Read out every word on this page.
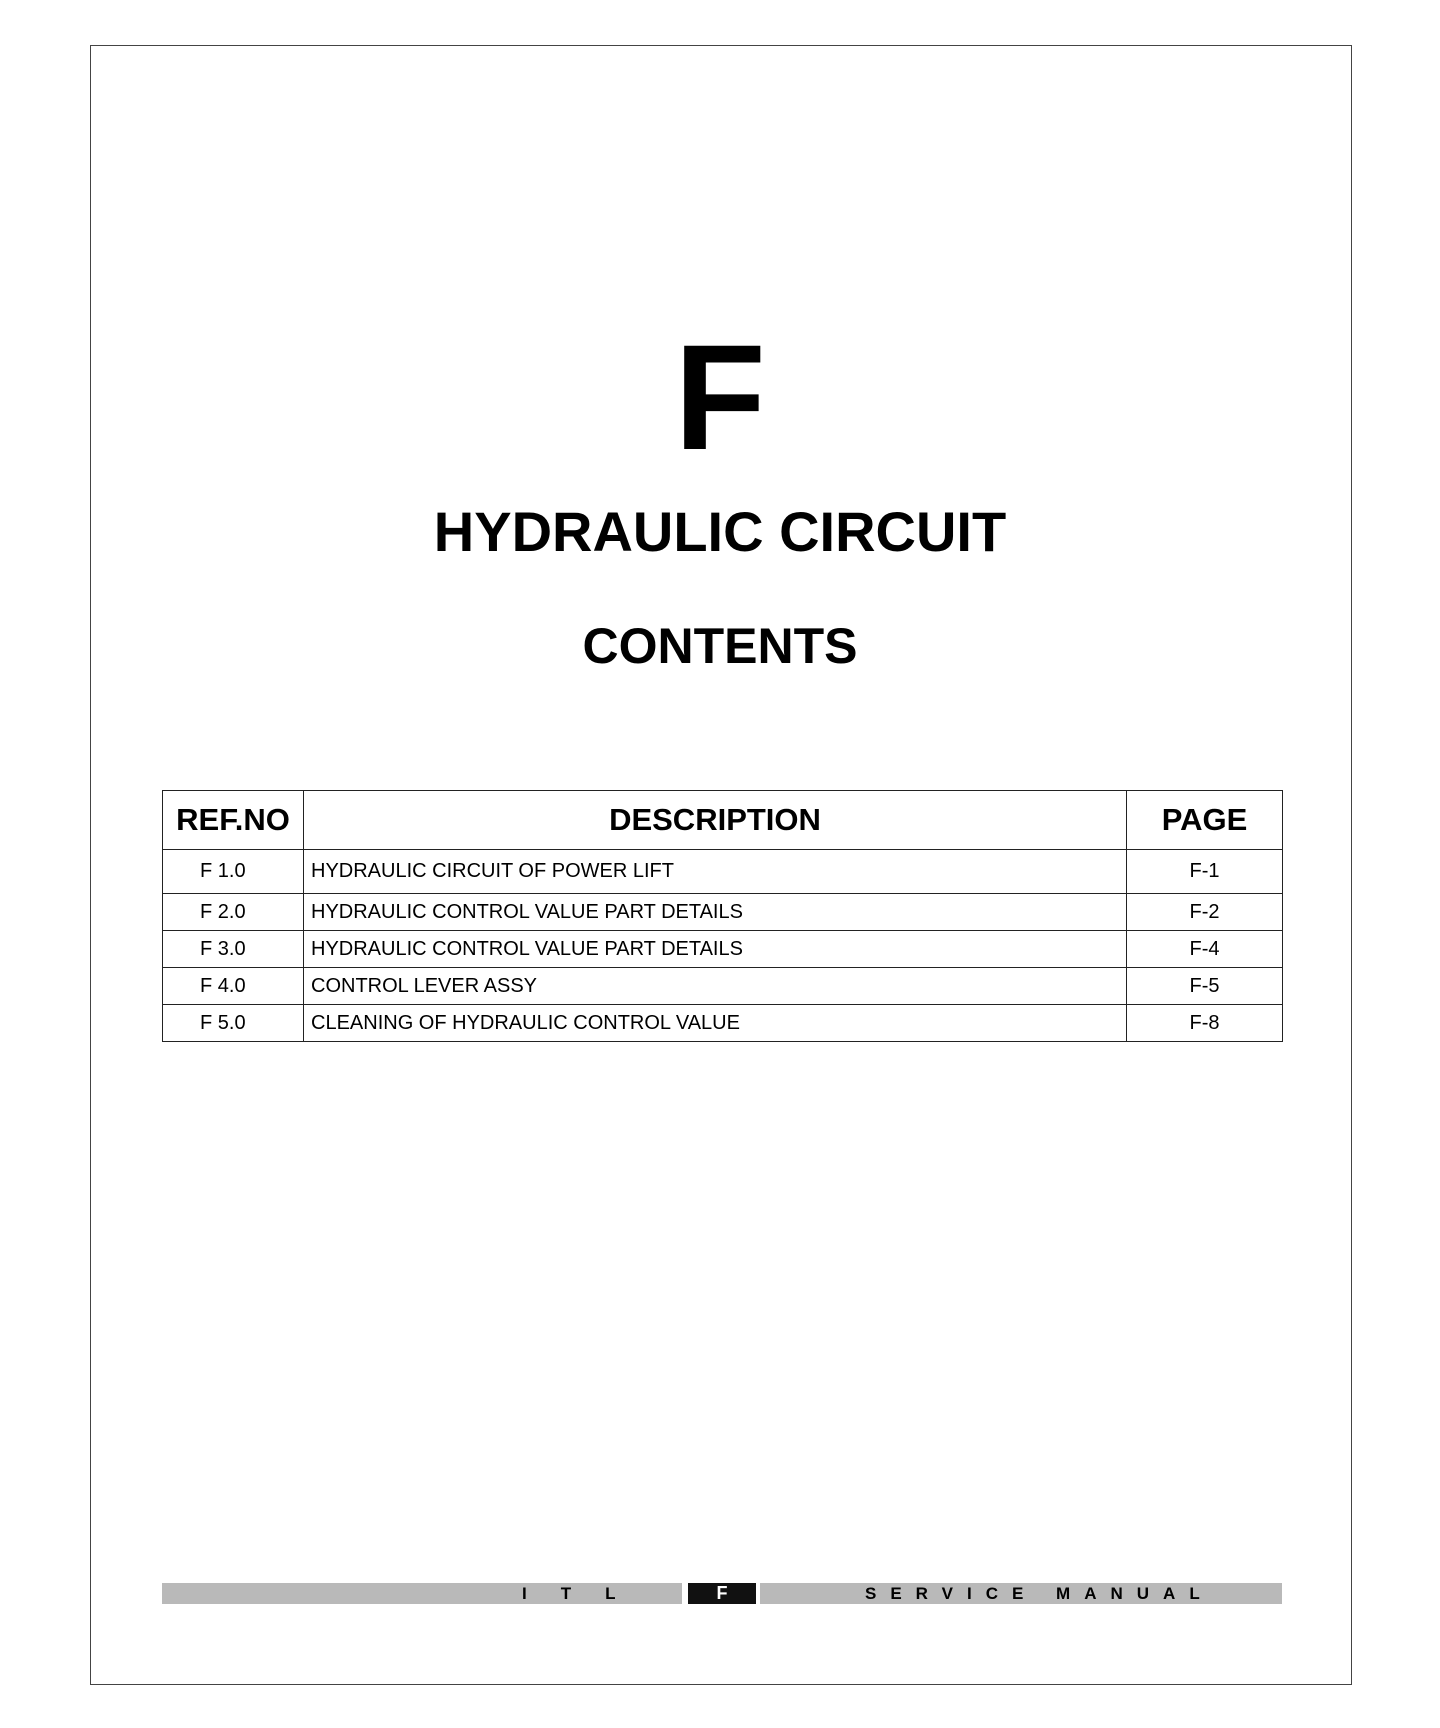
F
HYDRAULIC CIRCUIT
CONTENTS
REF.NO	DESCRIPTION	PAGE
F 1.0	HYDRAULIC CIRCUIT OF POWER LIFT	F-1
F 2.0	HYDRAULIC CONTROL VALUE PART DETAILS	F-2
F 3.0	HYDRAULIC CONTROL VALUE PART DETAILS	F-4
F 4.0	CONTROL LEVER ASSY	F-5
F 5.0	CLEANING OF HYDRAULIC CONTROL VALUE	F-8
ITL	F	SERVICE MANUAL
